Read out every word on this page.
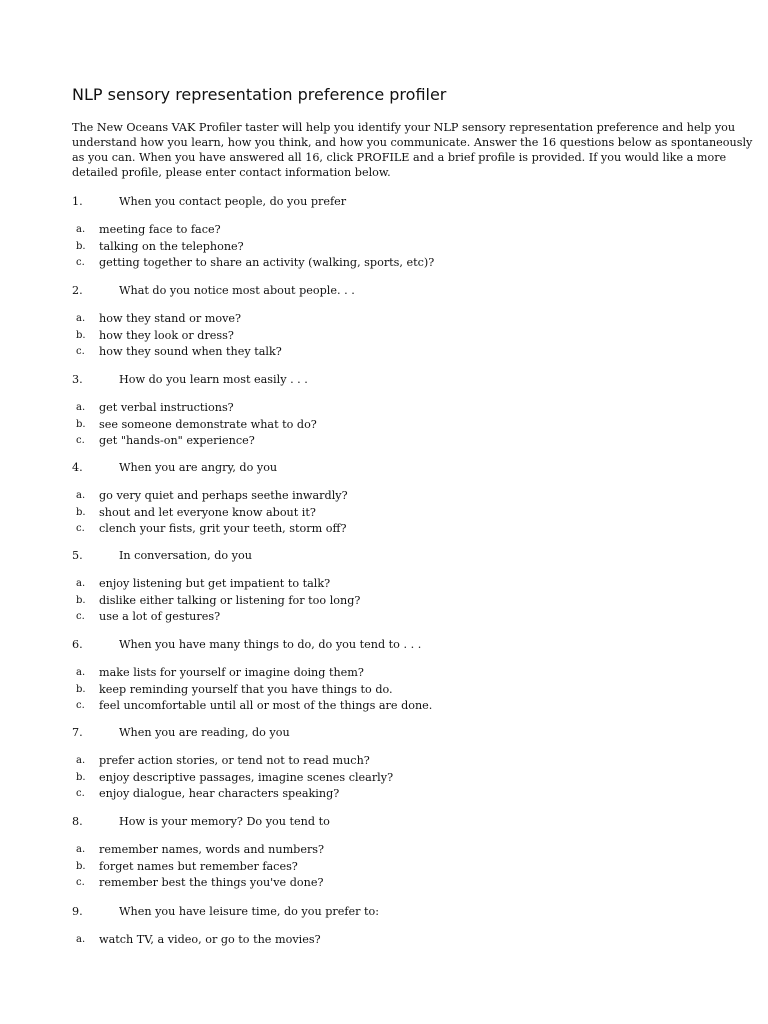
NLP sensory representation preference profiler
The New Oceans VAK Profiler taster will help you identify your NLP sensory representation preference and help you
understand how you learn, how you think, and how you communicate. Answer the 16 questions below as spontaneously
as you can. When you have answered all 16, click PROFILE and a brief profile is provided. If you would like a more
detailed profile, please enter contact information below.
1.	When you contact people, do you prefer
a. meeting face to face?
b. talking on the telephone?
c. getting together to share an activity (walking, sports, etc)?
2.	What do you notice most about people. . .
a. how they stand or move?
b. how they look or dress?
c. how they sound when they talk?
3.	How do you learn most easily . . .
a. get verbal instructions?
b. see someone demonstrate what to do?
c. get "hands-on" experience?
4.	When you are angry, do you
a. go very quiet and perhaps seethe inwardly?
b. shout and let everyone know about it?
c. clench your fists, grit your teeth, storm off?
5.	In conversation, do you
a. enjoy listening but get impatient to talk?
b. dislike either talking or listening for too long?
c. use a lot of gestures?
6.	When you have many things to do, do you tend to . . .
a. make lists for yourself or imagine doing them?
b. keep reminding yourself that you have things to do.
c. feel uncomfortable until all or most of the things are done.
7.	When you are reading, do you
a. prefer action stories, or tend not to read much?
b. enjoy descriptive passages, imagine scenes clearly?
c. enjoy dialogue, hear characters speaking?
8.	How is your memory? Do you tend to
a. remember names, words and numbers?
b. forget names but remember faces?
c. remember best the things you've done?
9.	When you have leisure time, do you prefer to:
a. watch TV, a video, or go to the movies?
